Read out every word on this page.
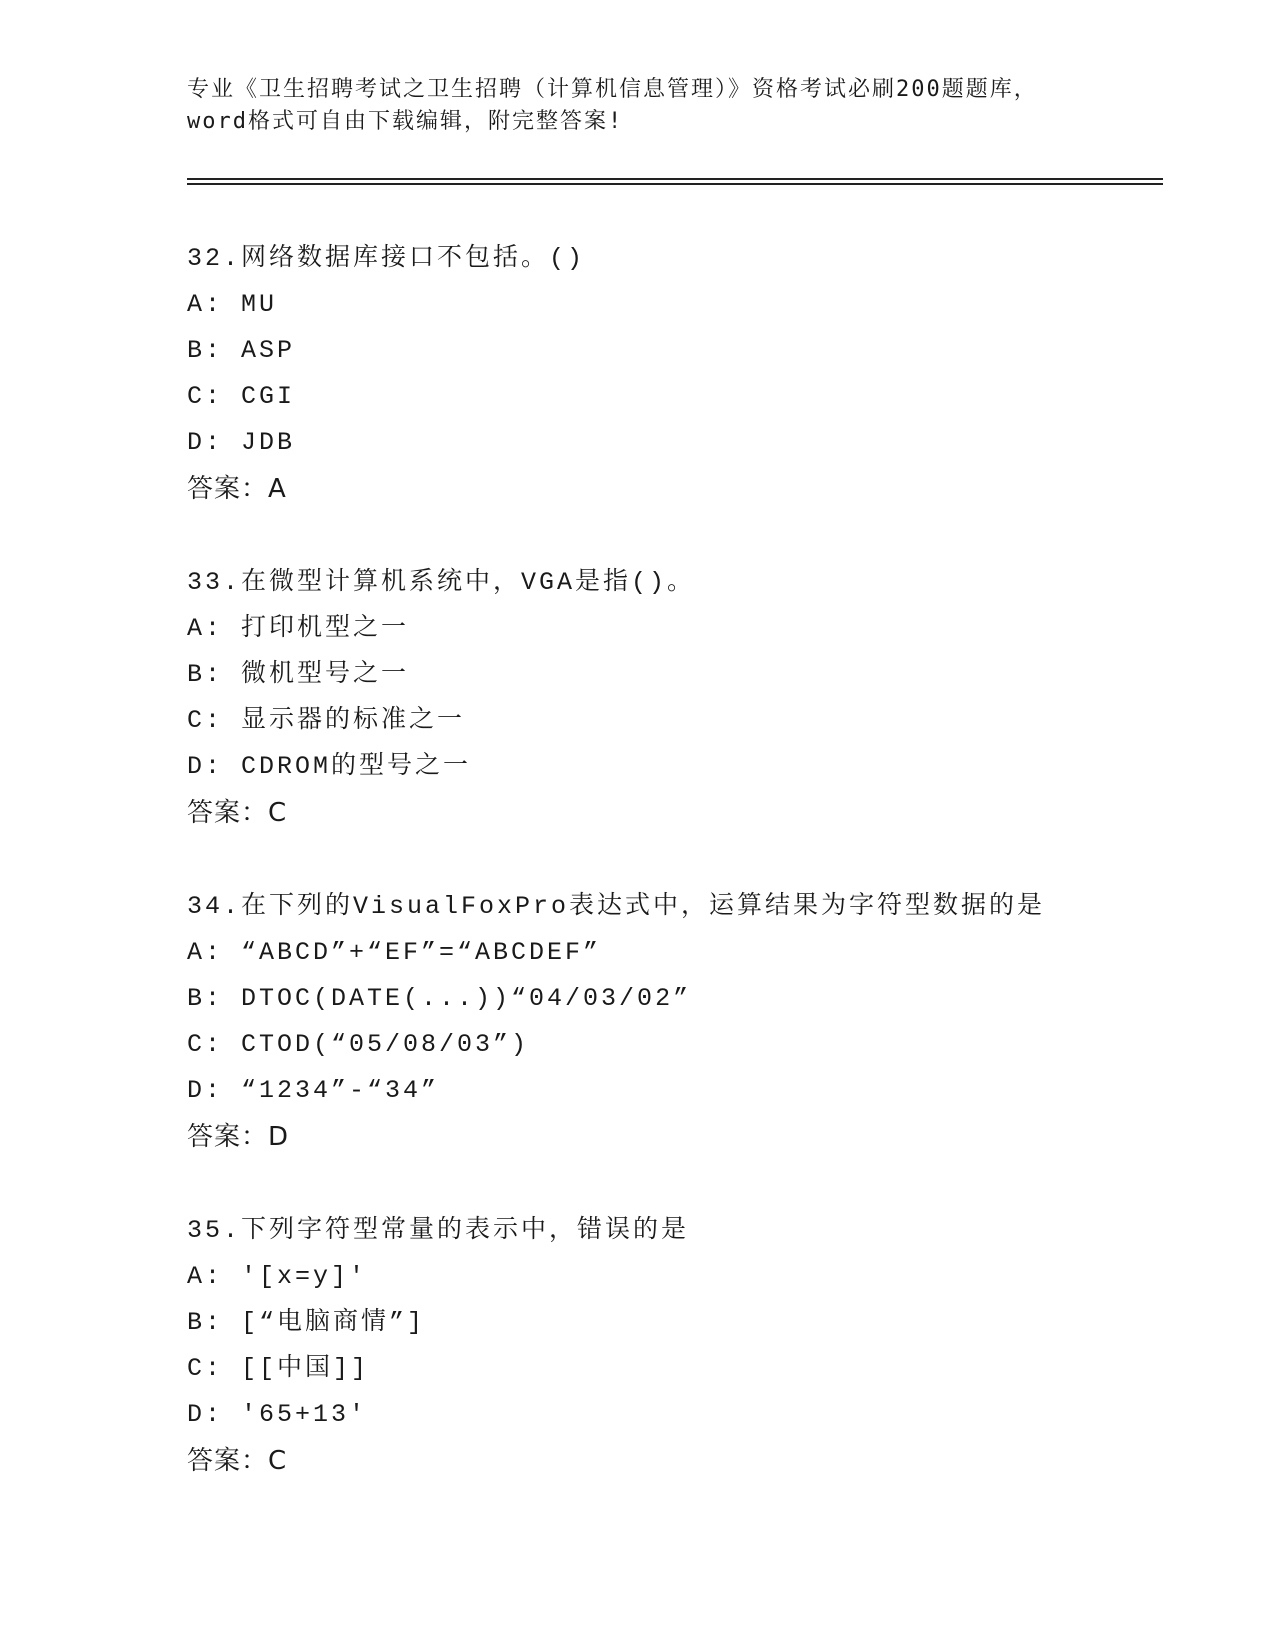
专业《卫生招聘考试之卫生招聘（计算机信息管理）》资格考试必刷200题题库，
word格式可自由下载编辑，附完整答案!
32.网络数据库接口不包括。()
A: MU
B: ASP
C: CGI
D: JDB
答案：A
33.在微型计算机系统中，VGA是指()。
A: 打印机型之一
B: 微机型号之一
C: 显示器的标准之一
D: CDROM的型号之一
答案：C
34.在下列的VisualFoxPro表达式中，运算结果为字符型数据的是
A: “ABCD”+“EF”=“ABCDEF”
B: DTOC(DATE(...))“04/03/02”
C: CTOD(“05/08/03”)
D: “1234”-“34”
答案：D
35.下列字符型常量的表示中，错误的是
A: ′[x=y]′
B: [“电脑商情”]
C: [[中国]]
D: ′65+13′
答案：C
